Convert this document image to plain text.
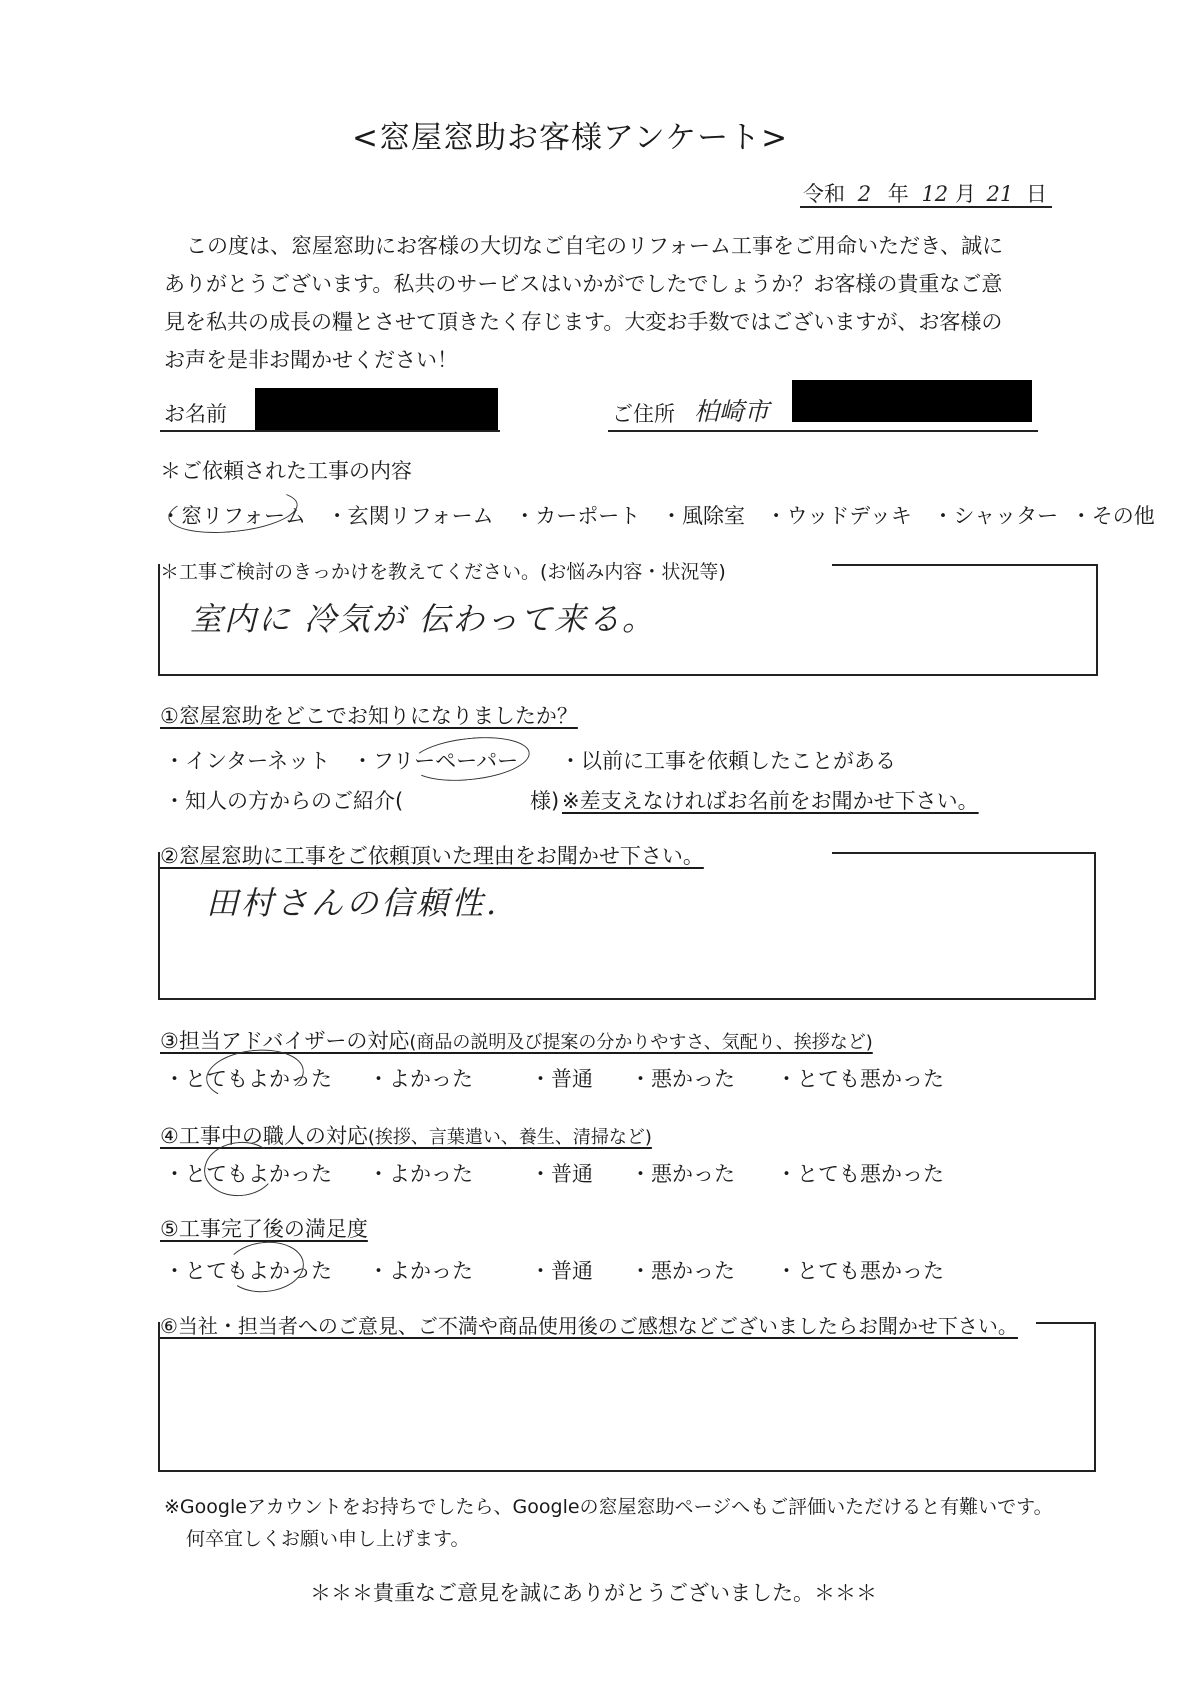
<窓屋窓助お客様アンケート>
令和 2 年 12 月 21 日
この度は、窓屋窓助にお客様の大切なご自宅のリフォーム工事をご用命いただき、誠に
ありがとうございます。私共のサービスはいかがでしたでしょうか？お客様の貴重なご意
見を私共の成長の糧とさせて頂きたく存じます。大変お手数ではございますが、お客様の
お声を是非お聞かせください！
お名前	ご住所 柏崎市
＊ご依頼された工事の内容
・窓リフォーム ・玄関リフォーム ・カーポート ・風除室 ・ウッドデッキ ・シャッター ・その他
＊工事ご検討のきっかけを教えてください。(お悩み内容・状況等)
室内に 冷気が 伝わって来る。
①窓屋窓助をどこでお知りになりましたか？
・インターネット ・フリーペーパー ・以前に工事を依頼したことがある
・知人の方からのご紹介(	様) ※差支えなければお名前をお聞かせ下さい。
②窓屋窓助に工事をご依頼頂いた理由をお聞かせ下さい。
田村さんの信頼性.
③担当アドバイザーの対応(商品の説明及び提案の分かりやすさ、気配り、挨拶など)
・とてもよかった ・よかった	・普通 ・悪かった ・とても悪かった
④工事中の職人の対応(挨拶、言葉遣い、養生、清掃など)
・とてもよかった ・よかった	・普通 ・悪かった ・とても悪かった
⑤工事完了後の満足度
・とてもよかった ・よかった	・普通 ・悪かった ・とても悪かった
⑥当社・担当者へのご意見、ご不満や商品使用後のご感想などございましたらお聞かせ下さい。
※Googleアカウントをお持ちでしたら、Googleの窓屋窓助ページへもご評価いただけると有難いです。
何卒宜しくお願い申し上げます。
＊＊＊貴重なご意見を誠にありがとうございました。＊＊＊
